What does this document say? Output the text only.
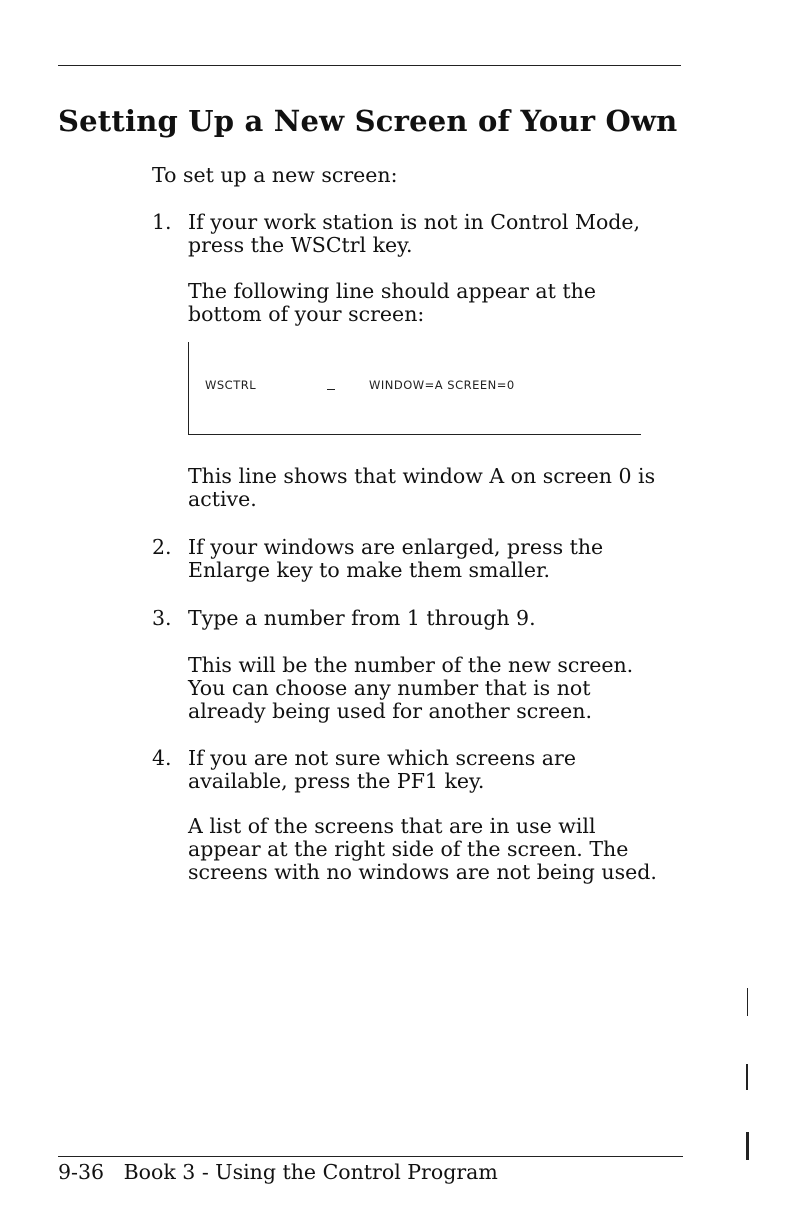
Setting Up a New Screen of Your Own

To set up a new screen:

1. If your work station is not in Control Mode,
press the WSCtrl key.

The following line should appear at the
bottom of your screen:

WSCTRL	WINDOW=A SCREEN=0

This line shows that window A on screen 0 is
active.

2. If your windows are enlarged, press the
Enlarge key to make them smaller.

3. Type a number from 1 through 9.

This will be the number of the new screen.
You can choose any number that is not
already being used for another screen.

4. If you are not sure which screens are
available, press the PF1 key.

A list of the screens that are in use will
appear at the right side of the screen. The
screens with no windows are not being used.

9-36   Book 3 - Using the Control Program
